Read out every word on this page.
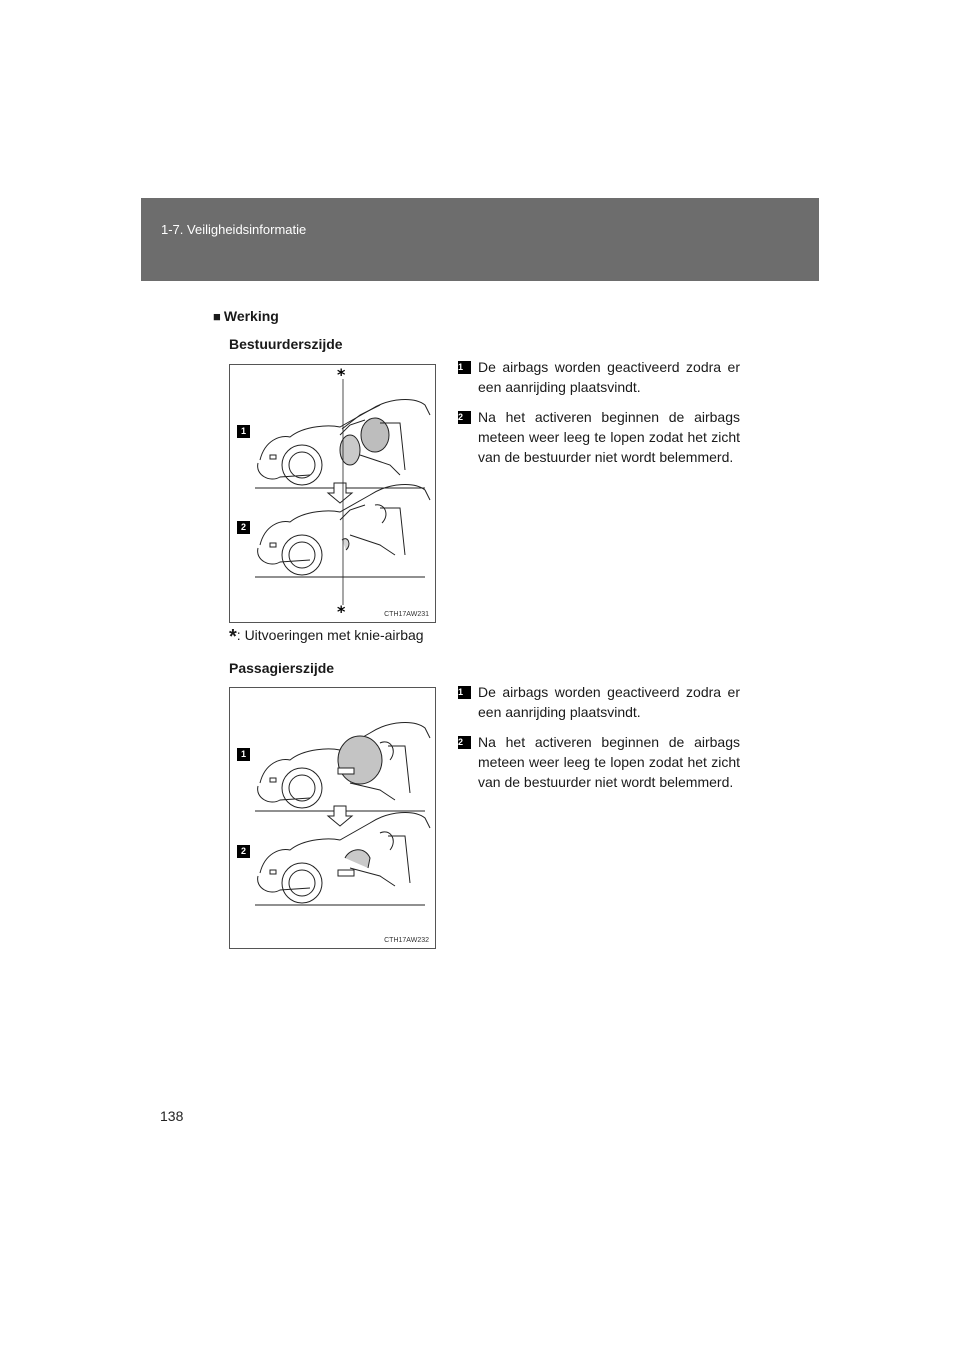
1-7. Veiligheidsinformatie
■ Werking
Bestuurderszijde
*
*
1
2
CTH17AW231
1	De airbags worden geactiveerd zodra er een aanrijding plaatsvindt.
2	Na het activeren beginnen de airbags meteen weer leeg te lopen zodat het zicht van de bestuurder niet wordt belemmerd.
*: Uitvoeringen met knie-airbag
Passagierszijde
1
2
CTH17AW232
1	De airbags worden geactiveerd zodra er een aanrijding plaatsvindt.
2	Na het activeren beginnen de airbags meteen weer leeg te lopen zodat het zicht van de bestuurder niet wordt belemmerd.
138
